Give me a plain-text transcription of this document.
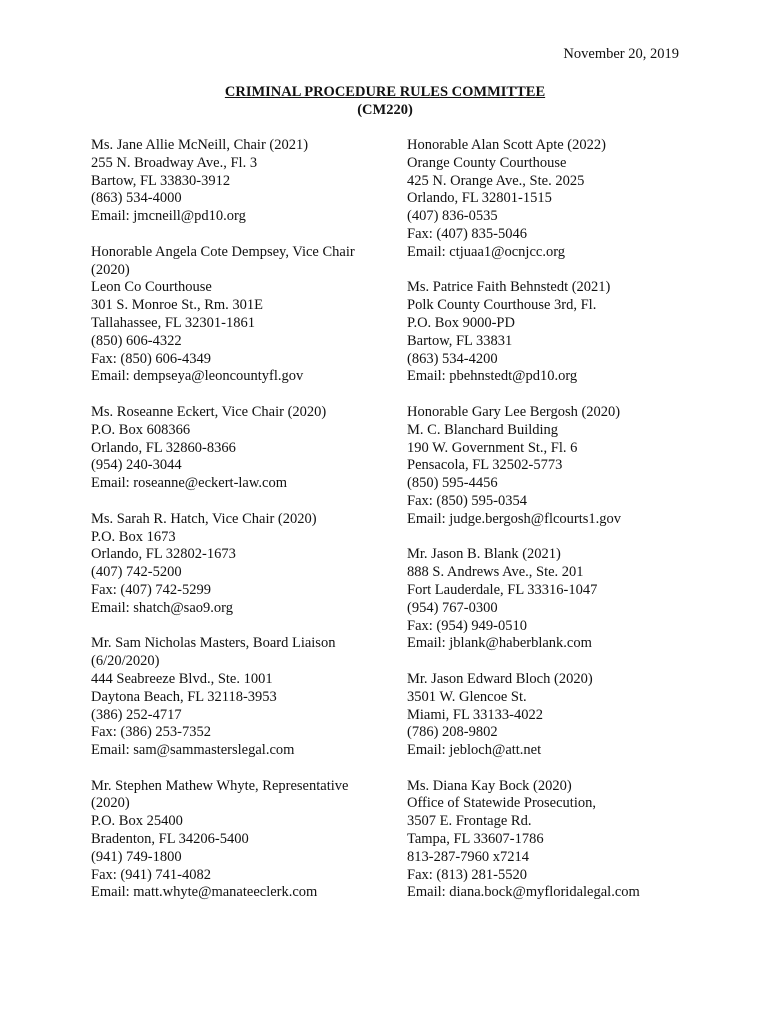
November 20, 2019
CRIMINAL PROCEDURE RULES COMMITTEE
(CM220)
Ms. Jane Allie McNeill, Chair (2021)
255 N. Broadway Ave., Fl. 3
Bartow, FL 33830-3912
(863) 534-4000
Email: jmcneill@pd10.org
Honorable Angela Cote Dempsey, Vice Chair (2020)
Leon Co Courthouse
301 S. Monroe St., Rm. 301E
Tallahassee, FL 32301-1861
(850) 606-4322
Fax: (850) 606-4349
Email: dempseya@leoncountyfl.gov
Ms. Roseanne Eckert, Vice Chair (2020)
P.O. Box 608366
Orlando, FL 32860-8366
(954) 240-3044
Email: roseanne@eckert-law.com
Ms. Sarah R. Hatch, Vice Chair (2020)
P.O. Box 1673
Orlando, FL 32802-1673
(407) 742-5200
Fax: (407) 742-5299
Email: shatch@sao9.org
Mr. Sam Nicholas Masters, Board Liaison (6/20/2020)
444 Seabreeze Blvd., Ste. 1001
Daytona Beach, FL 32118-3953
(386) 252-4717
Fax: (386) 253-7352
Email: sam@sammasterslegal.com
Mr. Stephen Mathew Whyte, Representative (2020)
P.O. Box 25400
Bradenton, FL 34206-5400
(941) 749-1800
Fax: (941) 741-4082
Email: matt.whyte@manateeclerk.com
Honorable Alan Scott Apte (2022)
Orange County Courthouse
425 N. Orange Ave., Ste. 2025
Orlando, FL 32801-1515
(407) 836-0535
Fax: (407) 835-5046
Email: ctjuaa1@ocnjcc.org
Ms. Patrice Faith Behnstedt (2021)
Polk County Courthouse 3rd, Fl.
P.O. Box 9000-PD
Bartow, FL 33831
(863) 534-4200
Email: pbehnstedt@pd10.org
Honorable Gary Lee Bergosh (2020)
M. C. Blanchard Building
190 W. Government St., Fl. 6
Pensacola, FL 32502-5773
(850) 595-4456
Fax: (850) 595-0354
Email: judge.bergosh@flcourts1.gov
Mr. Jason B. Blank (2021)
888 S. Andrews Ave., Ste. 201
Fort Lauderdale, FL 33316-1047
(954) 767-0300
Fax: (954) 949-0510
Email: jblank@haberblank.com
Mr. Jason Edward Bloch (2020)
3501 W. Glencoe St.
Miami, FL 33133-4022
(786) 208-9802
Email: jebloch@att.net
Ms. Diana Kay Bock (2020)
Office of Statewide Prosecution,
3507 E. Frontage Rd.
Tampa, FL 33607-1786
813-287-7960 x7214
Fax: (813) 281-5520
Email: diana.bock@myfloridalegal.com
